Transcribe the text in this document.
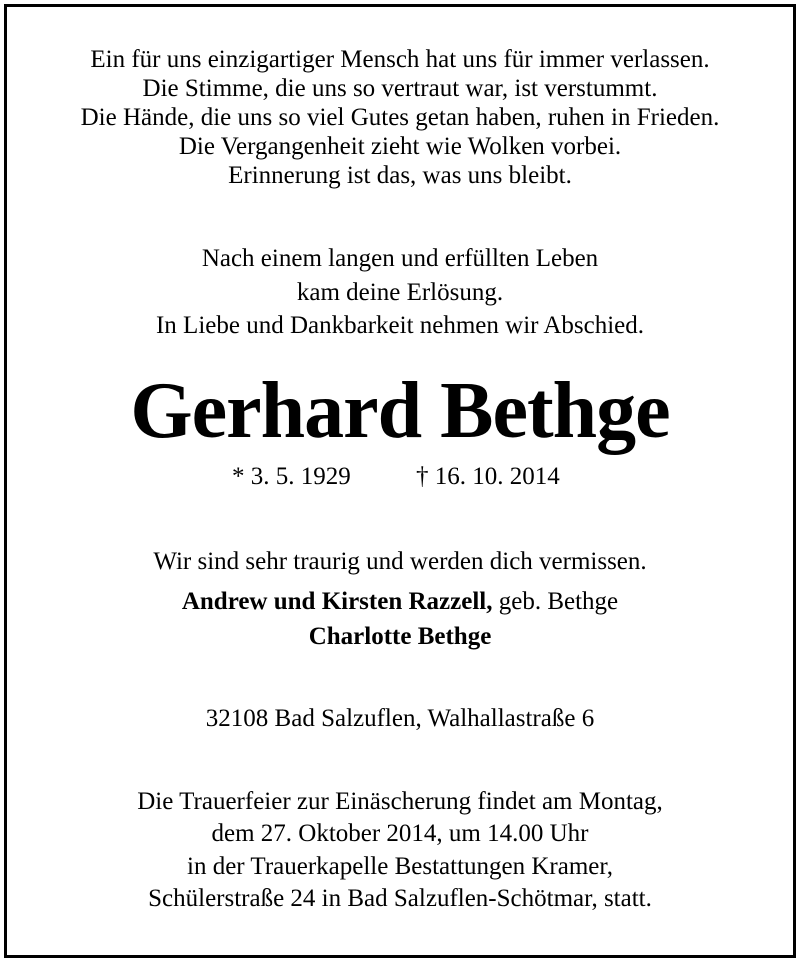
Ein für uns einzigartiger Mensch hat uns für immer verlassen.
Die Stimme, die uns so vertraut war, ist verstummt.
Die Hände, die uns so viel Gutes getan haben, ruhen in Frieden.
Die Vergangenheit zieht wie Wolken vorbei.
Erinnerung ist das, was uns bleibt.
Nach einem langen und erfüllten Leben
kam deine Erlösung.
In Liebe und Dankbarkeit nehmen wir Abschied.
Gerhard Bethge
* 3. 5. 1929	† 16. 10. 2014
Wir sind sehr traurig und werden dich vermissen.
Andrew und Kirsten Razzell, geb. Bethge
Charlotte Bethge
32108 Bad Salzuflen, Walhallastraße 6
Die Trauerfeier zur Einäscherung findet am Montag,
dem 27. Oktober 2014, um 14.00 Uhr
in der Trauerkapelle Bestattungen Kramer,
Schülerstraße 24 in Bad Salzuflen-Schötmar, statt.
